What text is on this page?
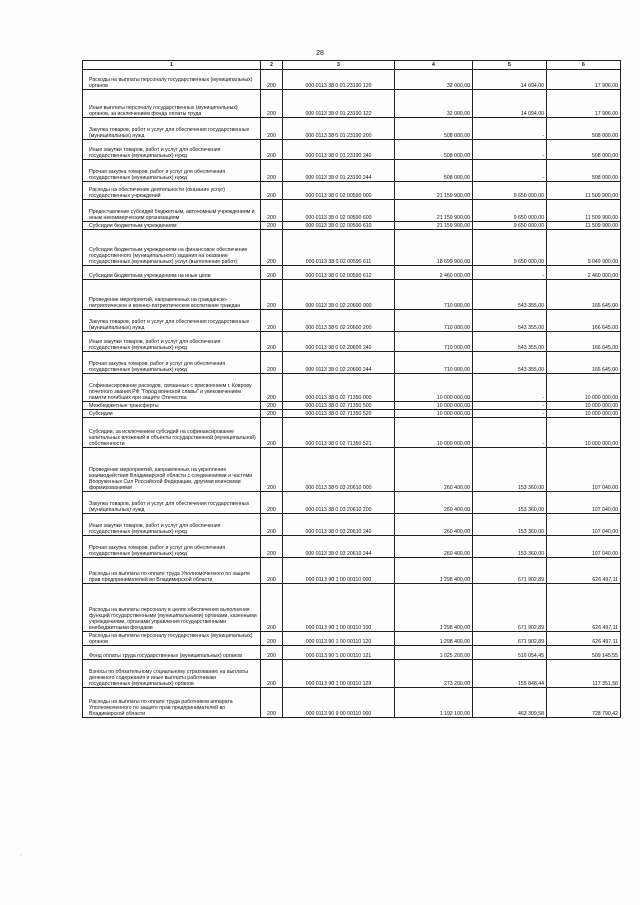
28
1	2	3	4	5	6
Расходы на выплаты персоналу государственных (муниципальных) органов	200	000 0113 38 0 01 23190 120	32 000,00	14 094,00	17 906,00
Иные выплаты персоналу государственных (муниципальных) органов, за исключением фонда оплаты труда	200	000 0113 38 0 01 23190 122	32 000,00	14 094,00	17 906,00
Закупка товаров, работ и услуг для обеспечения государственных (муниципальных) нужд	200	000 0113 38 0 01 23190 200	508 000,00	-	508 000,00
Иные закупки товаров, работ и услуг для обеспечения государственных (муниципальных) нужд	200	000 0113 38 0 01 23190 240	508 000,00	-	508 000,00
Прочая закупка товаров, работ и услуг для обеспечения государственных (муниципальных) нужд	200	000 0113 38 0 01 23190 244	508 000,00	-	508 000,00
Расходы на обеспечение деятельности (оказание услуг) государственных учреждений	200	000 0113 38 0 02 00590 000	21 159 900,00	9 650 000,00	11 509 900,00
Предоставление субсидий бюджетным, автономным учреждениям и иным некоммерческим организациям	200	000 0113 38 0 02 00590 600	21 159 900,00	9 650 000,00	11 509 900,00
Субсидии бюджетным учреждениям	200	000 0113 38 0 02 00590 610	21 159 900,00	9 650 000,00	11 509 900,00
Субсидии бюджетным учреждениям на финансовое обеспечение государственного (муниципального) задания на оказание государственных (муниципальных) услуг (выполнение работ)	200	000 0113 38 0 02 00590 611	18 699 900,00	9 650 000,00	9 049 900,00
Субсидии бюджетным учреждениям на иные цели	200	000 0113 38 0 02 00590 612	2 460 000,00	-	2 460 000,00
Проведение мероприятий, направленных на гражданско-патриотическое и военно-патриотическое воспитание граждан	200	000 0113 38 0 02 20600 000	710 000,00	543 355,00	166 645,00
Закупка товаров, работ и услуг для обеспечения государственных (муниципальных) нужд	200	000 0113 38 0 02 20600 200	710 000,00	543 355,00	166 645,00
Иные закупки товаров, работ и услуг для обеспечения государственных (муниципальных) нужд	200	000 0113 38 0 02 20600 240	710 000,00	543 355,00	166 645,00
Прочая закупка товаров, работ и услуг для обеспечения государственных (муниципальных) нужд	200	000 0113 38 0 02 20600 244	710 000,00	543 355,00	166 645,00
Софинансирование расходов, связанных с присвоением г. Коврову почетного звания РФ "Город воинской славы" и увековечением памяти погибших при защите Отечества	200	000 0113 38 0 02 71350 000	10 000 000,00	-	10 000 000,00
Межбюджетные трансферты	200	000 0113 38 0 02 71350 500	10 000 000,00	-	10 000 000,00
Субсидии	200	000 0113 38 0 02 71350 520	10 000 000,00	-	10 000 000,00
Субсидии, за исключением субсидий на софинансирование капитальных вложений в объекты государственной (муниципальной) собственности	200	000 0113 38 0 02 71350 521	10 000 000,00	-	10 000 000,00
Проведение мероприятий, направленных на укрепление взаимодействия Владимирской области с соединениями и частями Вооруженных Сил Российской Федерации, другими воинскими формированиями	200	000 0113 38 0 03 20610 000	260 400,00	153 360,00	107 040,00
Закупка товаров, работ и услуг для обеспечения государственных (муниципальных) нужд	200	000 0113 38 0 03 20610 200	260 400,00	153 360,00	107 040,00
Иные закупки товаров, работ и услуг для обеспечения государственных (муниципальных) нужд	200	000 0113 38 0 03 20610 240	260 400,00	153 360,00	107 040,00
Прочая закупка товаров, работ и услуг для обеспечения государственных (муниципальных) нужд	200	000 0113 38 0 03 20610 244	260 400,00	153 360,00	107 040,00
Расходы на выплаты по оплате труда Уполномоченного по защите прав предпринимателей во Владимирской области	200	000 0113 90 1 00 00110 000	1 298 400,00	671 902,89	626 497,11
Расходы на выплаты персоналу в целях обеспечения выполнения функций государственными (муниципальными) органами, казенными учреждениями, органами управления государственными внебюджетными фондами	200	000 0113 90 1 00 00110 100	1 298 400,00	671 902,89	626 497,11
Расходы на выплаты персоналу государственных (муниципальных) органов	200	000 0113 90 1 00 00110 120	1 298 400,00	671 902,89	626 497,11
Фонд оплаты труда государственных (муниципальных) органов	200	000 0113 90 1 00 00110 121	1 025 200,00	516 054,45	509 145,55
Взносы по обязательному социальному страхованию на выплаты денежного содержания и иные выплаты работникам государственных (муниципальных) органов	200	000 0113 90 1 00 00110 129	273 200,00	155 848,44	117 351,56
Расходы на выплаты по оплате труда работников аппарата Уполномоченного по защите прав предпринимателей во Владимирской области	200	000 0113 90 9 00 00110 000	1 192 100,00	463 309,58	728 790,42
·
ˎ
